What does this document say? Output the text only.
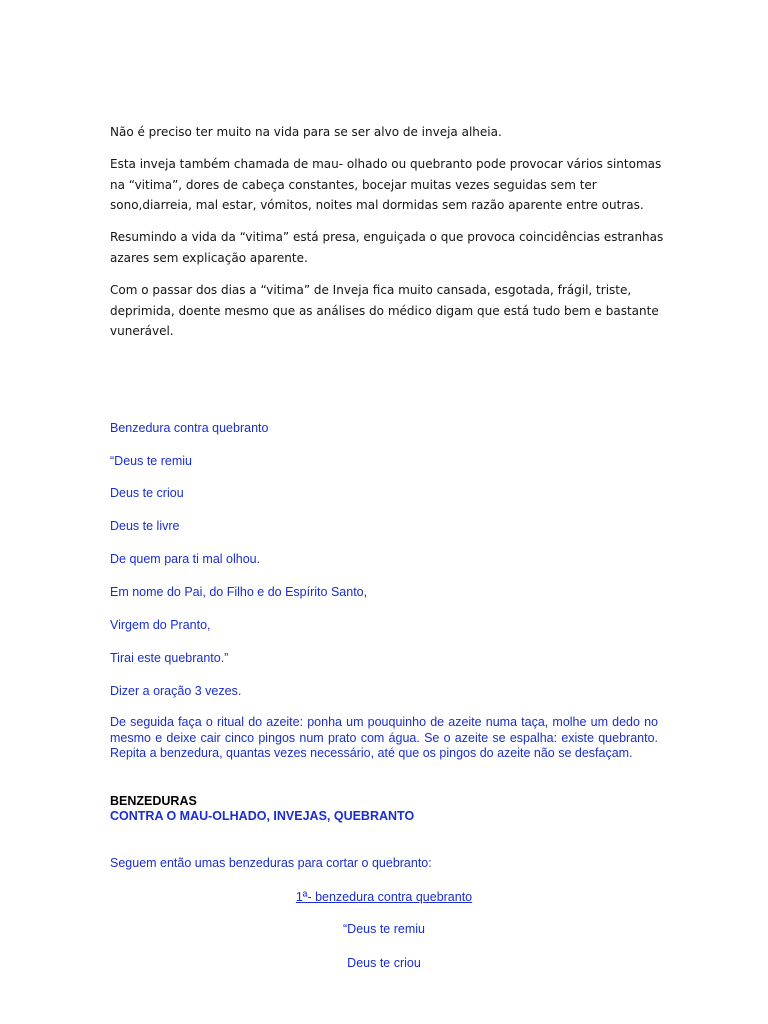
Não é preciso ter muito na vida para se ser alvo de inveja alheia.

Esta inveja também chamada de mau- olhado ou quebranto pode provocar vários sintomas na “vitima”, dores de cabeça constantes, bocejar muitas vezes seguidas sem ter sono,diarreia, mal estar, vómitos, noites mal dormidas sem razão aparente entre outras.

Resumindo a vida da “vitima” está presa, enguiçada o que provoca coincidências estranhas azares sem explicação aparente.

Com o passar dos dias a “vitima” de Inveja fica muito cansada, esgotada, frágil, triste, deprimida, doente mesmo que as análises do médico digam que está tudo bem e bastante vunerável.

Benzedura contra quebranto

“Deus te remiu

Deus te criou

Deus te livre

De quem para ti mal olhou.

Em nome do Pai, do Filho e do Espírito Santo,

Virgem do Pranto,

Tirai este quebranto.”

Dizer a oração 3 vezes.

De seguida faça o ritual do azeite: ponha um pouquinho de azeite numa taça, molhe um dedo no mesmo e deixe cair cinco pingos num prato com água. Se o azeite se espalha: existe quebranto. Repita a benzedura, quantas vezes necessário, até que os pingos do azeite não se desfaçam.

BENZEDURAS

CONTRA O MAU-OLHADO, INVEJAS, QUEBRANTO

Seguem então umas benzeduras para cortar o quebranto:

1ª- benzedura contra quebranto

“Deus te remiu

Deus te criou
